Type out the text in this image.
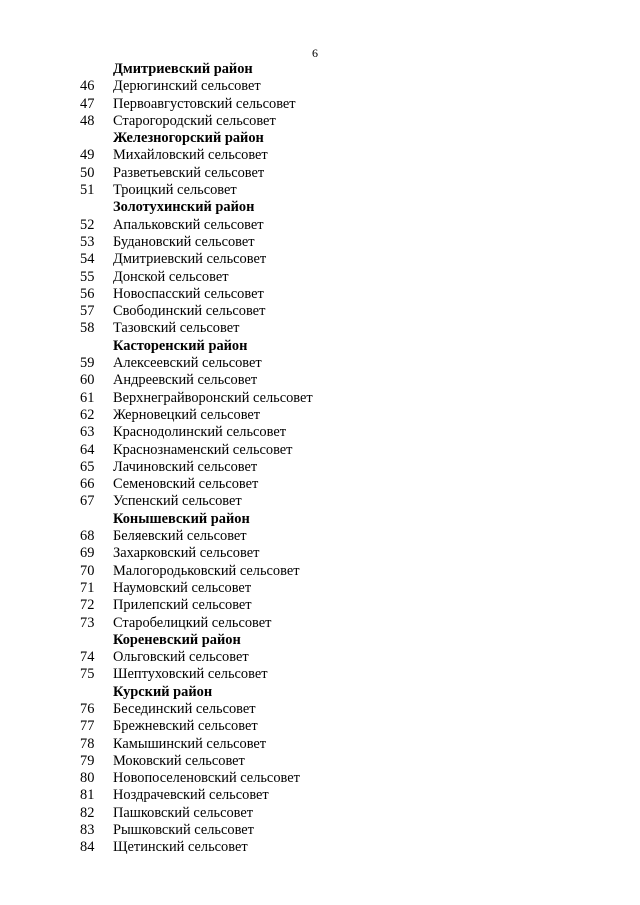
6
Дмитриевский район
46	Дерюгинский сельсовет
47	Первоавгустовский сельсовет
48	Старогородский сельсовет
Железногорский район
49	Михайловский сельсовет
50	Разветьевский сельсовет
51	Троицкий сельсовет
Золотухинский район
52	Апальковский сельсовет
53	Будановский сельсовет
54	Дмитриевский сельсовет
55	Донской сельсовет
56	Новоспасский сельсовет
57	Свободинский сельсовет
58	Тазовский сельсовет
Касторенский район
59	Алексеевский сельсовет
60	Андреевский сельсовет
61	Верхнеграйворонский сельсовет
62	Жерновецкий сельсовет
63	Краснодолинский сельсовет
64	Краснознаменский сельсовет
65	Лачиновский сельсовет
66	Семеновский сельсовет
67	Успенский сельсовет
Конышевский район
68	Беляевский сельсовет
69	Захарковский сельсовет
70	Малогородьковский сельсовет
71	Наумовский сельсовет
72	Прилепский сельсовет
73	Старобелицкий сельсовет
Кореневский район
74	Ольговский сельсовет
75	Шептуховский сельсовет
Курский район
76	Бесединский сельсовет
77	Брежневский сельсовет
78	Камышинский сельсовет
79	Моковский сельсовет
80	Новопоселеновский сельсовет
81	Ноздрачевский сельсовет
82	Пашковский сельсовет
83	Рышковский сельсовет
84	Щетинский сельсовет
